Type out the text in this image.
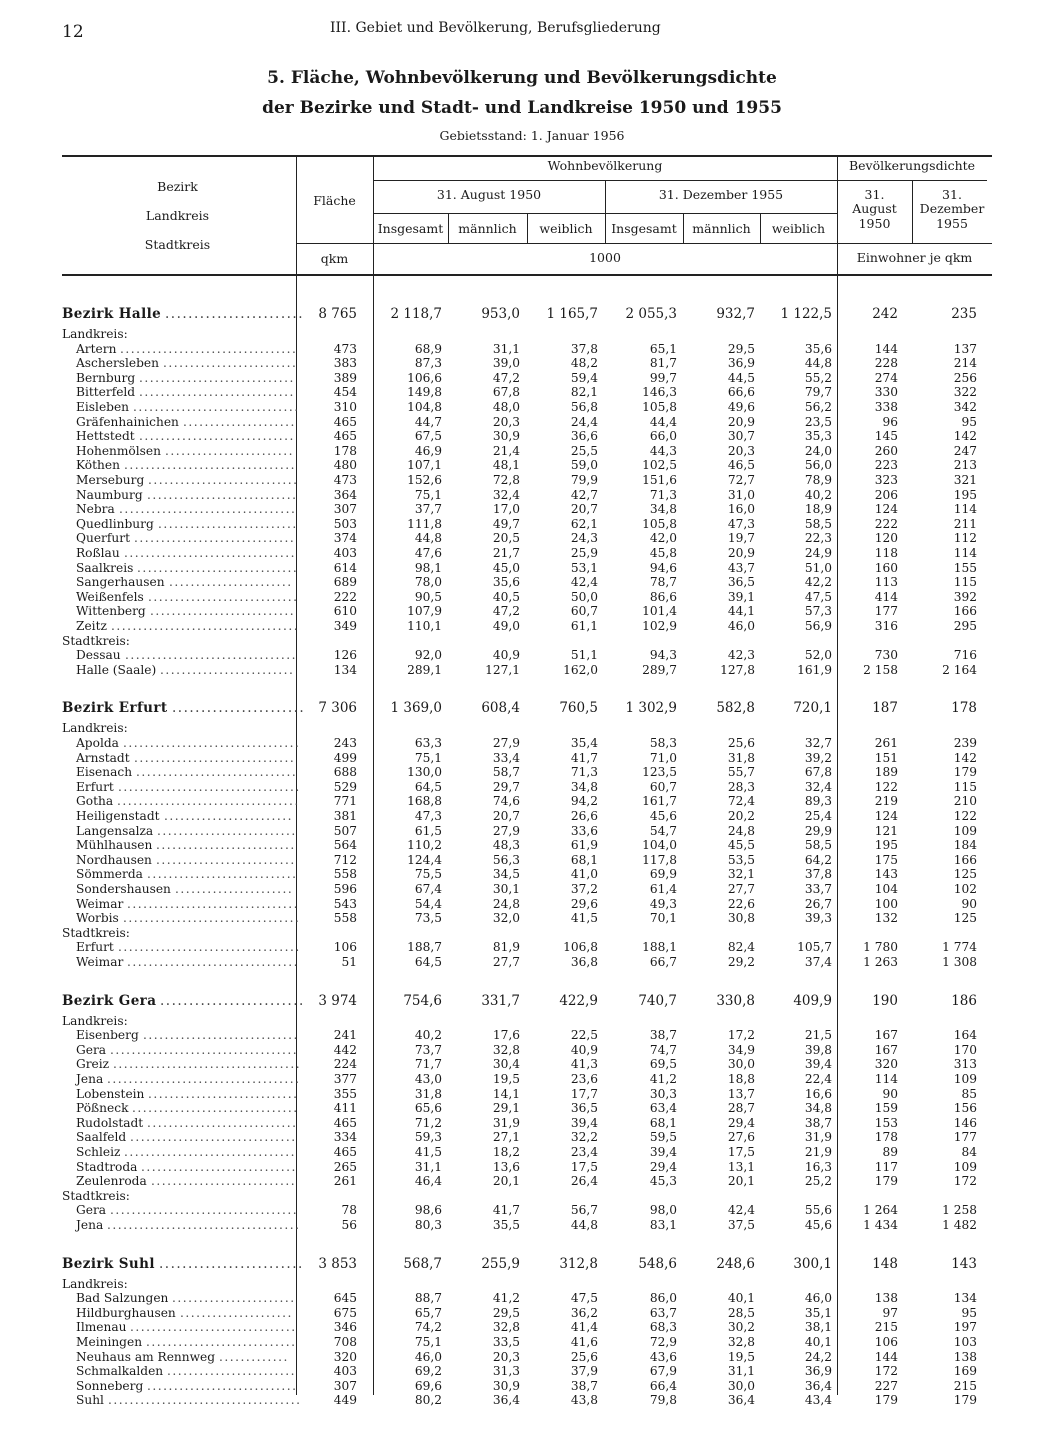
12	III. Gebiet und Bevölkerung, Berufsgliederung
5. Fläche, Wohnbevölkerung und Bevölkerungsdichte
der Bezirke und Stadt- und Landkreise 1950 und 1955
Gebietsstand: 1. Januar 1956
Bezirk
Landkreis
Stadtkreis
Fläche
qkm
Wohnbevölkerung
31. August 1950	31. Dezember 1955
Insgesamt	männlich	weiblich	Insgesamt	männlich	weiblich
1000
Bevölkerungsdichte
31.
August
1950
31.
Dezember
1955
Einwohner je qkm
Bezirk Halle ........................	8 765	2 118,7	953,0	1 165,7	2 055,3	932,7	1 122,5	242	235
Landkreis:
Artern .................................	473	68,9	31,1	37,8	65,1	29,5	35,6	144	137
Aschersleben .........................	383	87,3	39,0	48,2	81,7	36,9	44,8	228	214
Bernburg .............................	389	106,6	47,2	59,4	99,7	44,5	55,2	274	256
Bitterfeld .............................	454	149,8	67,8	82,1	146,3	66,6	79,7	330	322
Eisleben ...............................	310	104,8	48,0	56,8	105,8	49,6	56,2	338	342
Gräfenhainichen .....................	465	44,7	20,3	24,4	44,4	20,9	23,5	96	95
Hettstedt .............................	465	67,5	30,9	36,6	66,0	30,7	35,3	145	142
Hohenmölsen ........................	178	46,9	21,4	25,5	44,3	20,3	24,0	260	247
Köthen ................................	480	107,1	48,1	59,0	102,5	46,5	56,0	223	213
Merseburg ............................	473	152,6	72,8	79,9	151,6	72,7	78,9	323	321
Naumburg ............................	364	75,1	32,4	42,7	71,3	31,0	40,2	206	195
Nebra .................................	307	37,7	17,0	20,7	34,8	16,0	18,9	124	114
Quedlinburg ..........................	503	111,8	49,7	62,1	105,8	47,3	58,5	222	211
Querfurt ..............................	374	44,8	20,5	24,3	42,0	19,7	22,3	120	112
Roßlau ................................	403	47,6	21,7	25,9	45,8	20,9	24,9	118	114
Saalkreis ..............................	614	98,1	45,0	53,1	94,6	43,7	51,0	160	155
Sangerhausen .......................	689	78,0	35,6	42,4	78,7	36,5	42,2	113	115
Weißenfels ............................	222	90,5	40,5	50,0	86,6	39,1	47,5	414	392
Wittenberg ...........................	610	107,9	47,2	60,7	101,4	44,1	57,3	177	166
Zeitz ...................................	349	110,1	49,0	61,1	102,9	46,0	56,9	316	295
Stadtkreis:
Dessau ................................	126	92,0	40,9	51,1	94,3	42,3	52,0	730	716
Halle (Saale) .........................	134	289,1	127,1	162,0	289,7	127,8	161,9	2 158	2 164
Bezirk Erfurt ....................... 7 306	1 369,0	608,4	760,5	1 302,9	582,8	720,1	187	178
Landkreis:
Apolda .................................	243	63,3	27,9	35,4	58,3	25,6	32,7	261	239
Arnstadt ..............................	499	75,1	33,4	41,7	71,0	31,8	39,2	151	142
Eisenach ..............................	688	130,0	58,7	71,3	123,5	55,7	67,8	189	179
Erfurt ..................................	529	64,5	29,7	34,8	60,7	28,3	32,4	122	115
Gotha ..................................	771	168,8	74,6	94,2	161,7	72,4	89,3	219	210
Heiligenstadt ........................	381	47,3	20,7	26,6	45,6	20,2	25,4	124	122
Langensalza ..........................	507	61,5	27,9	33,6	54,7	24,8	29,9	121	109
Mühlhausen ..........................	564	110,2	48,3	61,9	104,0	45,5	58,5	195	184
Nordhausen ..........................	712	124,4	56,3	68,1	117,8	53,5	64,2	175	166
Sömmerda ............................	558	75,5	34,5	41,0	69,9	32,1	37,8	143	125
Sondershausen ......................	596	67,4	30,1	37,2	61,4	27,7	33,7	104	102
Weimar ................................	543	54,4	24,8	29,6	49,3	22,6	26,7	100	90
Worbis .................................	558	73,5	32,0	41,5	70,1	30,8	39,3	132	125
Stadtkreis:
Erfurt ..................................	106	188,7	81,9	106,8	188,1	82,4	105,7	1 780	1 774
Weimar ................................	51	64,5	27,7	36,8	66,7	29,2	37,4	1 263	1 308
Bezirk Gera .........................	3 974	754,6	331,7	422,9	740,7	330,8	409,9	190	186
Landkreis:
Eisenberg .............................	241	40,2	17,6	22,5	38,7	17,2	21,5	167	164
Gera ...................................	442	73,7	32,8	40,9	74,7	34,9	39,8	167	170
Greiz ...................................	224	71,7	30,4	41,3	69,5	30,0	39,4	320	313
Jena ....................................	377	43,0	19,5	23,6	41,2	18,8	22,4	114	109
Lobenstein ............................	355	31,8	14,1	17,7	30,3	13,7	16,6	90	85
Pößneck ...............................	411	65,6	29,1	36,5	63,4	28,7	34,8	159	156
Rudolstadt ............................	465	71,2	31,9	39,4	68,1	29,4	38,7	153	146
Saalfeld ...............................	334	59,3	27,1	32,2	59,5	27,6	31,9	178	177
Schleiz ................................	465	41,5	18,2	23,4	39,4	17,5	21,9	89	84
Stadtroda .............................	265	31,1	13,6	17,5	29,4	13,1	16,3	117	109
Zeulenroda ...........................	261	46,4	20,1	26,4	45,3	20,1	25,2	179	172
Stadtkreis:
Gera ...................................	78	98,6	41,7	56,7	98,0	42,4	55,6	1 264	1 258
Jena ....................................	56	80,3	35,5	44,8	83,1	37,5	45,6	1 434	1 482
Bezirk Suhl .........................	3 853	568,7	255,9	312,8	548,6	248,6	300,1	148	143
Landkreis:
Bad Salzungen .......................	645	88,7	41,2	47,5	86,0	40,1	46,0	138	134
Hildburghausen .....................	675	65,7	29,5	36,2	63,7	28,5	35,1	97	95
Ilmenau ...............................	346	74,2	32,8	41,4	68,3	30,2	38,1	215	197
Meiningen ............................	708	75,1	33,5	41,6	72,9	32,8	40,1	106	103
Neuhaus am Rennweg .............	320	46,0	20,3	25,6	43,6	19,5	24,2	144	138
Schmalkalden ........................	403	69,2	31,3	37,9	67,9	31,1	36,9	172	169
Sonneberg ............................	307	69,6	30,9	38,7	66,4	30,0	36,4	227	215
Suhl ....................................	449	80,2	36,4	43,8	79,8	36,4	43,4	179	179
